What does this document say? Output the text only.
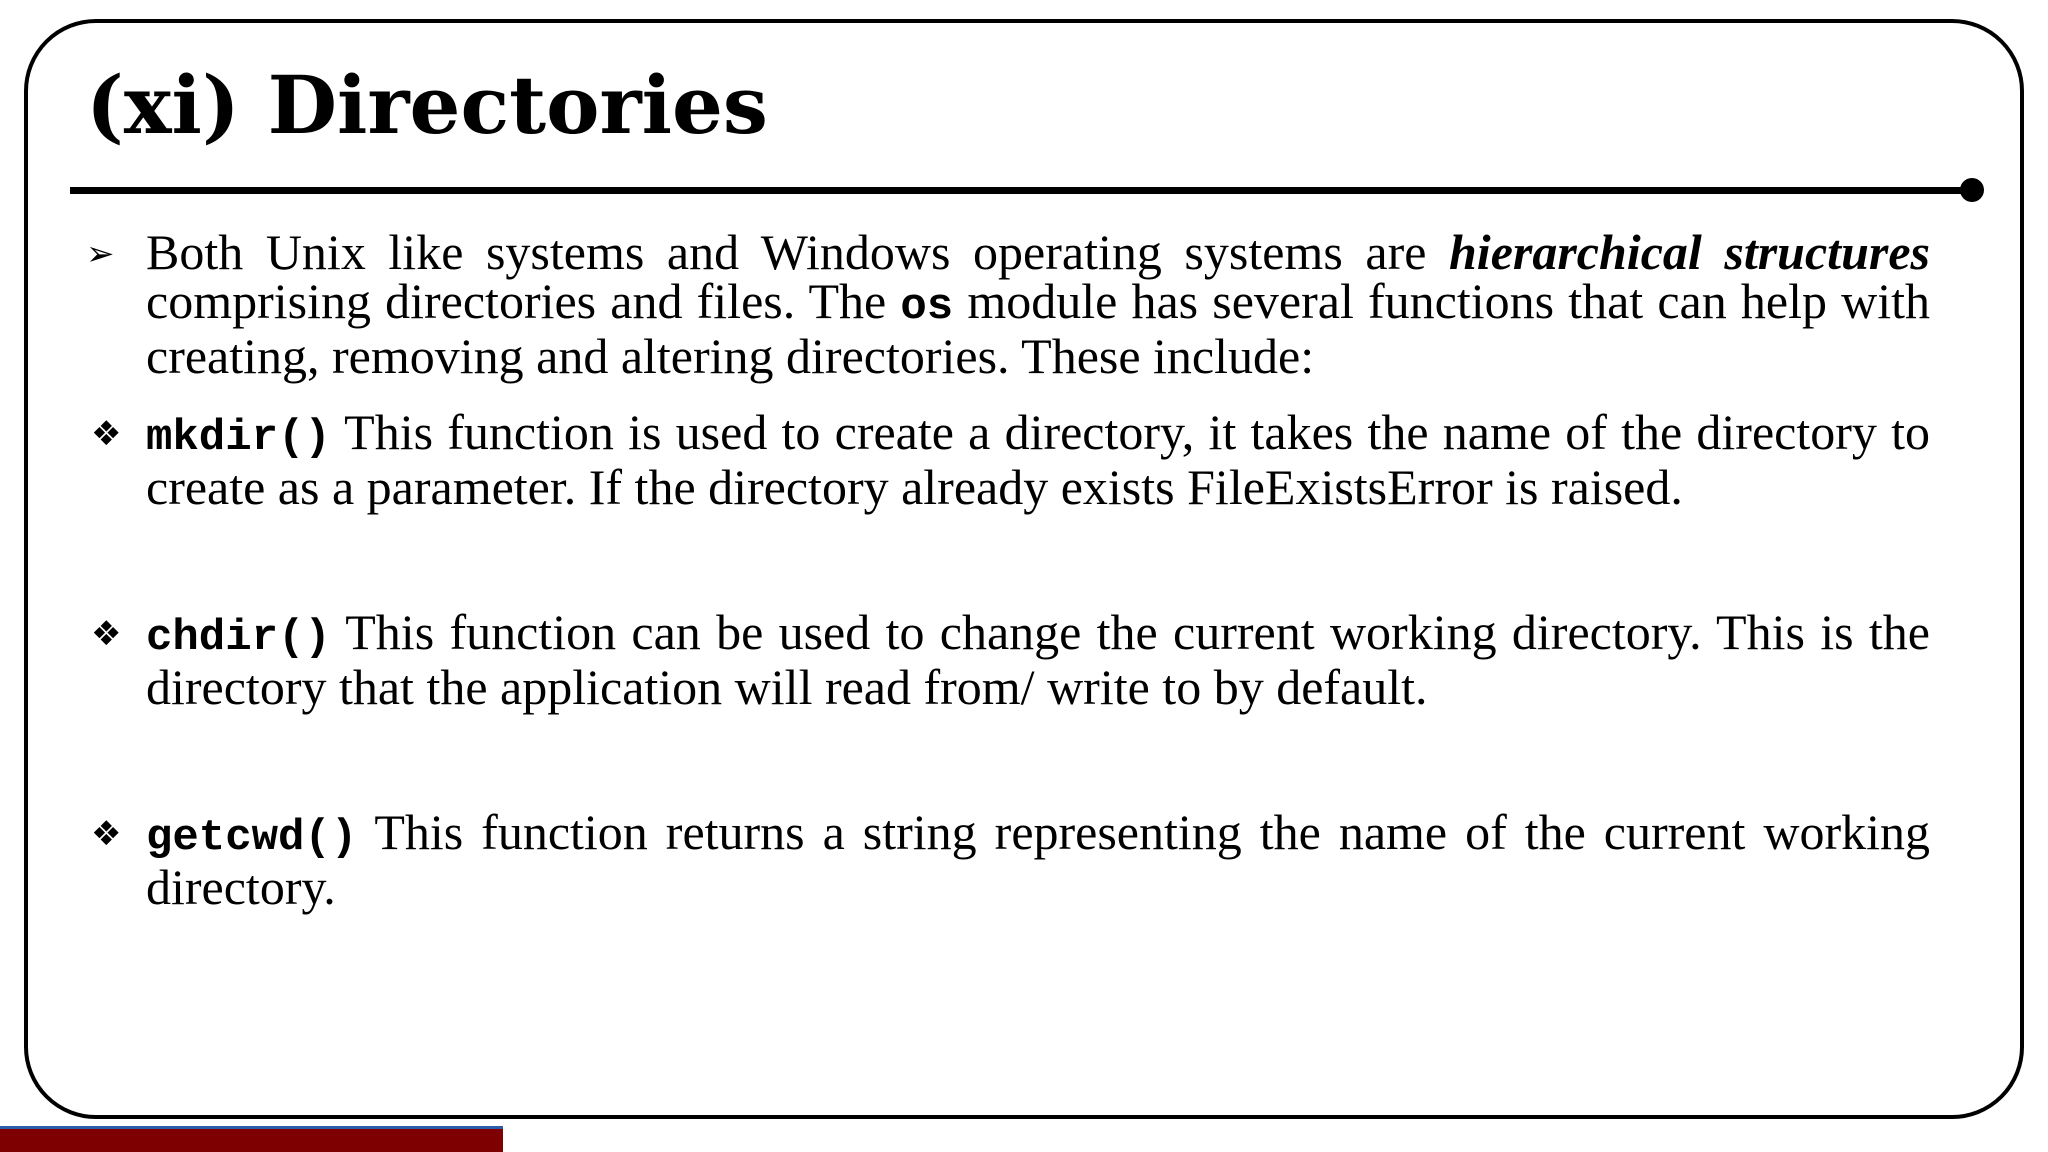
(xi) Directories

➢ Both Unix like systems and Windows operating systems are hierarchical structures comprising directories and files. The os module has several functions that can help with creating, removing and altering directories. These include:

❖ mkdir() This function is used to create a directory, it takes the name of the directory to create as a parameter. If the directory already exists FileExistsError is raised.

❖ chdir() This function can be used to change the current working directory. This is the directory that the application will read from/ write to by default.

❖ getcwd() This function returns a string representing the name of the current working directory.
